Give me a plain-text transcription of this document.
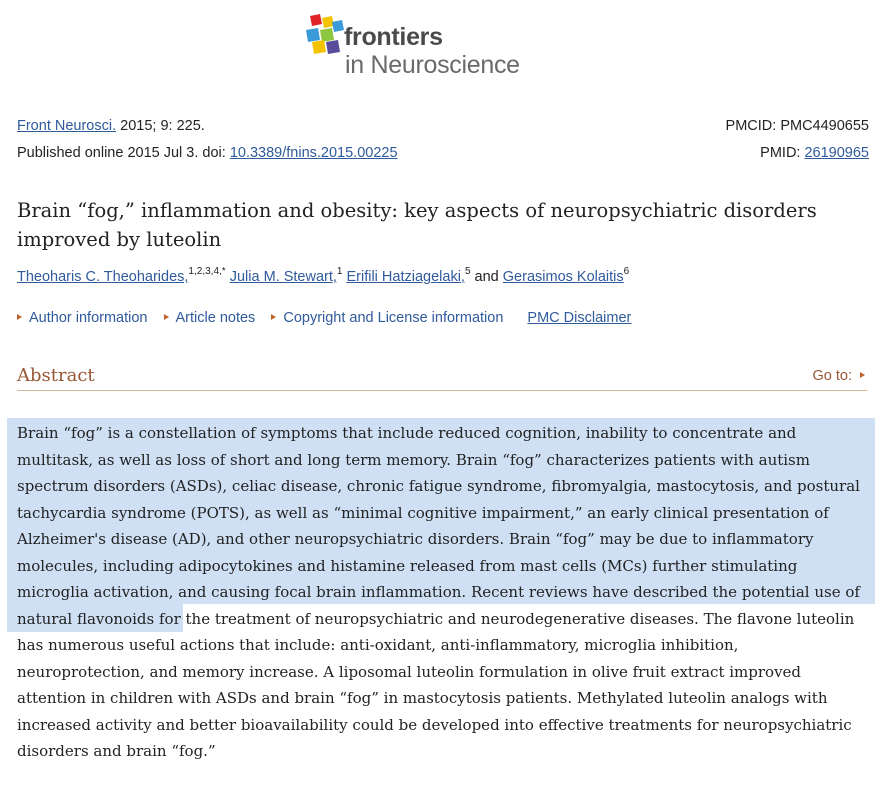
frontiers
in Neuroscience
Front Neurosci. 2015; 9: 225.
Published online 2015 Jul 3. doi: 10.3389/fnins.2015.00225
PMCID: PMC4490655
PMID: 26190965
Brain “fog,” inflammation and obesity: key aspects of neuropsychiatric disorders improved by luteolin
Theoharis C. Theoharides,$^{1,2,3,4,*}$ Julia M. Stewart,$^1$ Erifili Hatziagelaki,$^5$ and Gerasimos Kolaitis$^6$
Author information Article notes Copyright and License information PMC Disclaimer
Abstract	Go to:

Brain “fog” is a constellation of symptoms that include reduced cognition, inability to concentrate and multitask, as well as loss of short and long term memory. Brain “fog” characterizes patients with autism spectrum disorders (ASDs), celiac disease, chronic fatigue syndrome, fibromyalgia, mastocytosis, and postural tachycardia syndrome (POTS), as well as “minimal cognitive impairment,” an early clinical presentation of Alzheimer's disease (AD), and other neuropsychiatric disorders. Brain “fog” may be due to inflammatory molecules, including adipocytokines and histamine released from mast cells (MCs) further stimulating microglia activation, and causing focal brain inflammation. Recent reviews have described the potential use of natural flavonoids for the treatment of neuropsychiatric and neurodegenerative diseases. The flavone luteolin has numerous useful actions that include: anti-oxidant, anti-inflammatory, microglia inhibition, neuroprotection, and memory increase. A liposomal luteolin formulation in olive fruit extract improved attention in children with ASDs and brain “fog” in mastocytosis patients. Methylated luteolin analogs with increased activity and better bioavailability could be developed into effective treatments for neuropsychiatric disorders and brain “fog.”
